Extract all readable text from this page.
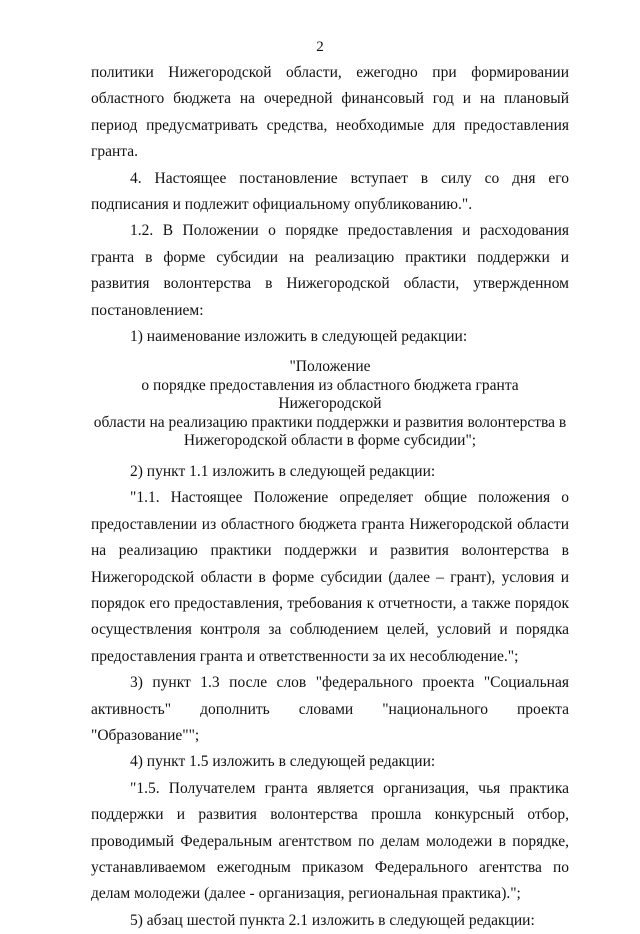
2

политики Нижегородской области, ежегодно при формировании областного бюджета на очередной финансовый год и на плановый период предусматривать средства, необходимые для предоставления гранта.

4. Настоящее постановление вступает в силу со дня его подписания и подлежит официальному опубликованию.".

1.2. В Положении о порядке предоставления и расходования гранта в форме субсидии на реализацию практики поддержки и развития волонтерства в Нижегородской области, утвержденном постановлением:

1) наименование изложить в следующей редакции:

"Положение

о порядке предоставления из областного бюджета гранта Нижегородской

области на реализацию практики поддержки и развития волонтерства в

Нижегородской области в форме субсидии";

2) пункт 1.1 изложить в следующей редакции:

"1.1. Настоящее Положение определяет общие положения о предоставлении из областного бюджета гранта Нижегородской области на реализацию практики поддержки и развития волонтерства в Нижегородской области в форме субсидии (далее – грант), условия и порядок его предоставления, требования к отчетности, а также порядок осуществления контроля за соблюдением целей, условий и порядка предоставления гранта и ответственности за их несоблюдение.";

3) пункт 1.3 после слов "федерального проекта "Социальная активность" дополнить словами "национального проекта "Образование"";

4) пункт 1.5 изложить в следующей редакции:

"1.5. Получателем гранта является организация, чья практика поддержки и развития волонтерства прошла конкурсный отбор, проводимый Федеральным агентством по делам молодежи в порядке, устанавливаемом ежегодным приказом Федерального агентства по делам молодежи (далее - организация, региональная практика).";

5) абзац шестой пункта 2.1 изложить в следующей редакции:
